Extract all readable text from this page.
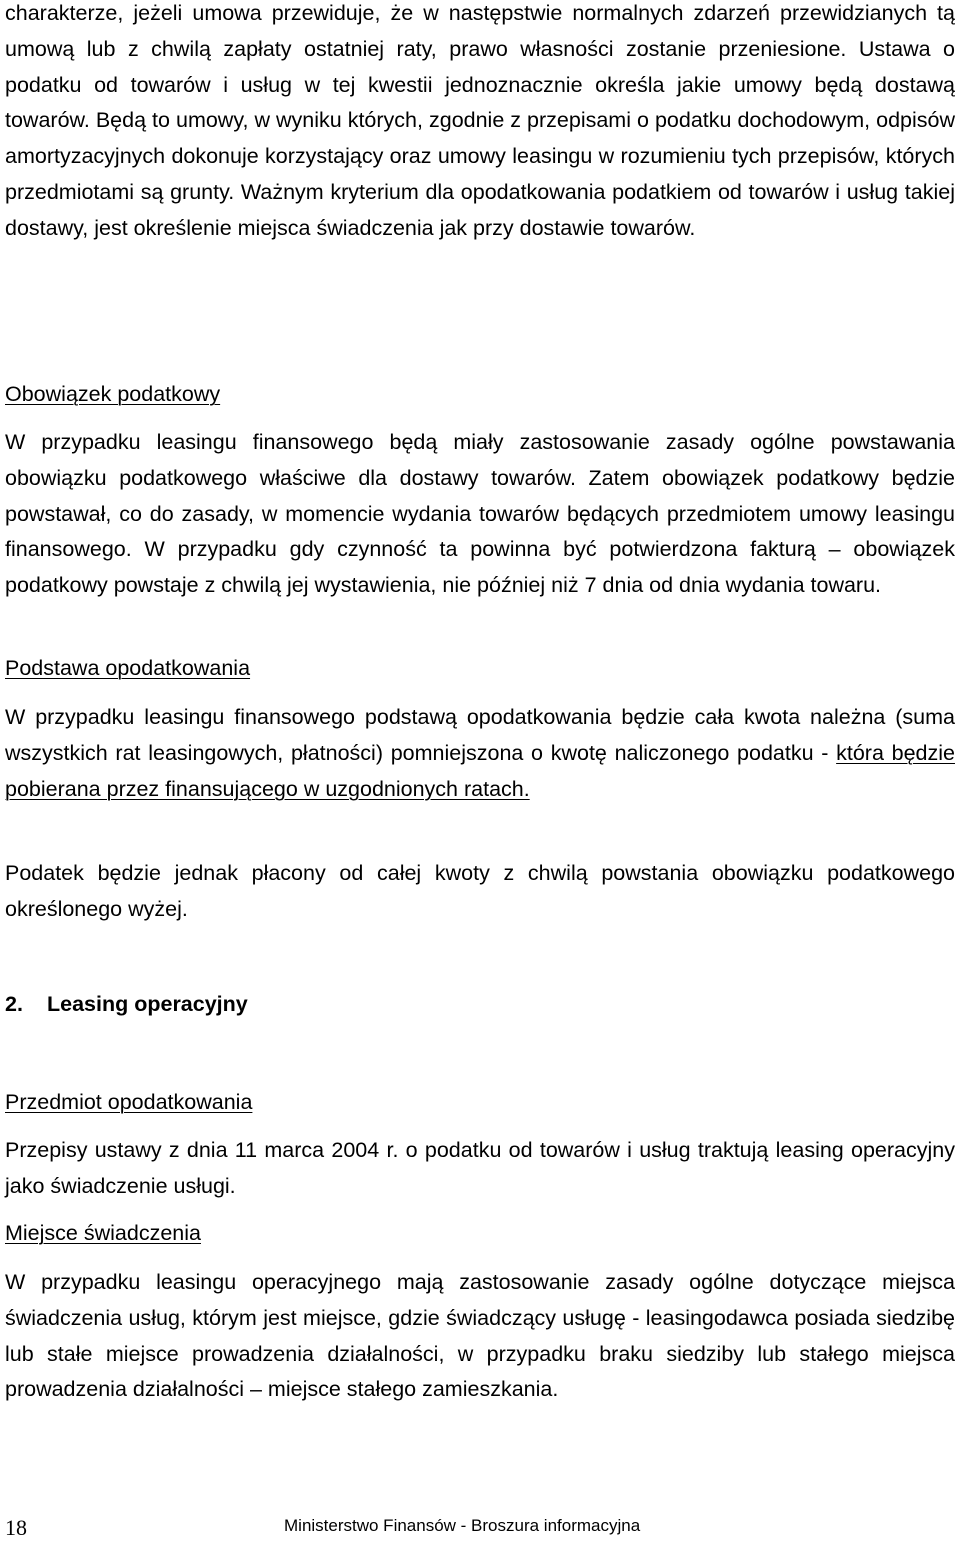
charakterze, jeżeli umowa przewiduje, że w następstwie normalnych zdarzeń przewidzianych tą umową lub z chwilą zapłaty ostatniej raty, prawo własności zostanie przeniesione. Ustawa o podatku od towarów i usług w tej kwestii jednoznacznie określa jakie umowy będą dostawą towarów. Będą to umowy, w wyniku których, zgodnie z przepisami o podatku dochodowym, odpisów amortyzacyjnych dokonuje korzystający oraz umowy leasingu w rozumieniu tych przepisów, których przedmiotami są grunty. Ważnym kryterium dla opodatkowania podatkiem od towarów i usług takiej dostawy, jest określenie miejsca świadczenia jak przy dostawie towarów.

Obowiązek podatkowy

W przypadku leasingu finansowego będą miały zastosowanie zasady ogólne powstawania obowiązku podatkowego właściwe dla dostawy towarów. Zatem obowiązek podatkowy będzie powstawał, co do zasady, w momencie wydania towarów będących przedmiotem umowy leasingu finansowego. W przypadku gdy czynność ta powinna być potwierdzona fakturą – obowiązek podatkowy powstaje z chwilą jej wystawienia, nie później niż 7 dnia od dnia wydania towaru.

Podstawa opodatkowania

W przypadku leasingu finansowego podstawą opodatkowania będzie cała kwota należna (suma wszystkich rat leasingowych, płatności) pomniejszona o kwotę naliczonego podatku - która będzie pobierana przez finansującego w uzgodnionych ratach.

Podatek będzie jednak płacony od całej kwoty z chwilą powstania obowiązku podatkowego określonego wyżej.

2. Leasing operacyjny
Przedmiot opodatkowania

Przepisy ustawy z dnia 11 marca 2004 r. o podatku od towarów i usług traktują leasing operacyjny jako świadczenie usługi.

Miejsce świadczenia

W przypadku leasingu operacyjnego mają zastosowanie zasady ogólne dotyczące miejsca świadczenia usług, którym jest miejsce, gdzie świadczący usługę - leasingodawca posiada siedzibę lub stałe miejsce prowadzenia działalności, w przypadku braku siedziby lub stałego miejsca prowadzenia działalności – miejsce stałego zamieszkania.

18	Ministerstwo Finansów - Broszura informacyjna
